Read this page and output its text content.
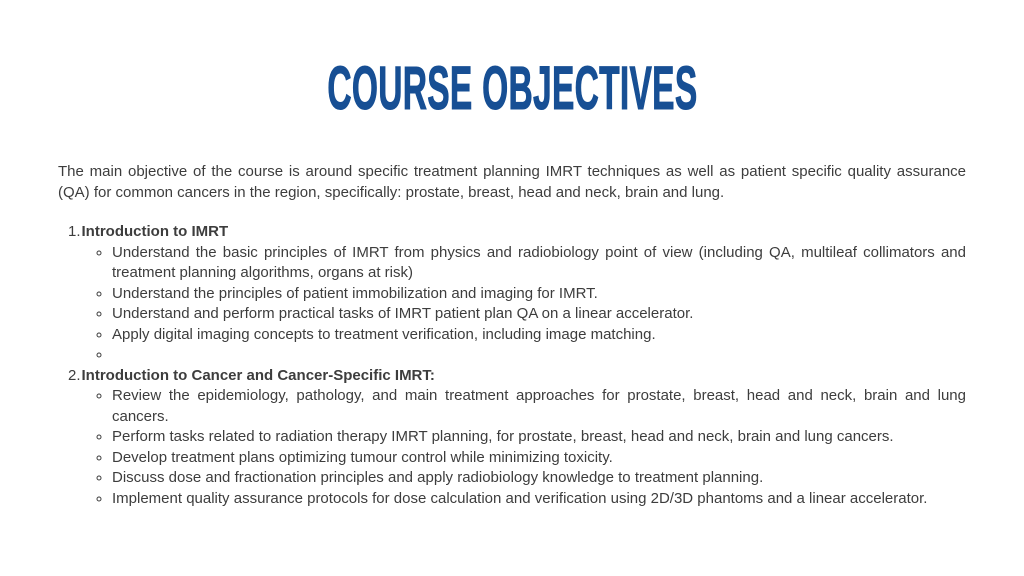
COURSE OBJECTIVES

The main objective of the course is around specific treatment planning IMRT techniques as well as patient specific quality assurance (QA) for common cancers in the region, specifically: prostate, breast, head and neck, brain and lung.

1.Introduction to IMRT
◦ Understand the basic principles of IMRT from physics and radiobiology point of view (including QA, multileaf collimators and treatment planning algorithms, organs at risk)
◦ Understand the principles of patient immobilization and imaging for IMRT.
◦ Understand and perform practical tasks of IMRT patient plan QA on a linear accelerator.
◦ Apply digital imaging concepts to treatment verification, including image matching.
◦
2.Introduction to Cancer and Cancer-Specific IMRT:
◦ Review the epidemiology, pathology, and main treatment approaches for prostate, breast, head and neck, brain and lung cancers.
◦ Perform tasks related to radiation therapy IMRT planning, for prostate, breast, head and neck, brain and lung cancers.
◦ Develop treatment plans optimizing tumour control while minimizing toxicity.
◦ Discuss dose and fractionation principles and apply radiobiology knowledge to treatment planning.
◦ Implement quality assurance protocols for dose calculation and verification using 2D/3D phantoms and a linear accelerator.
